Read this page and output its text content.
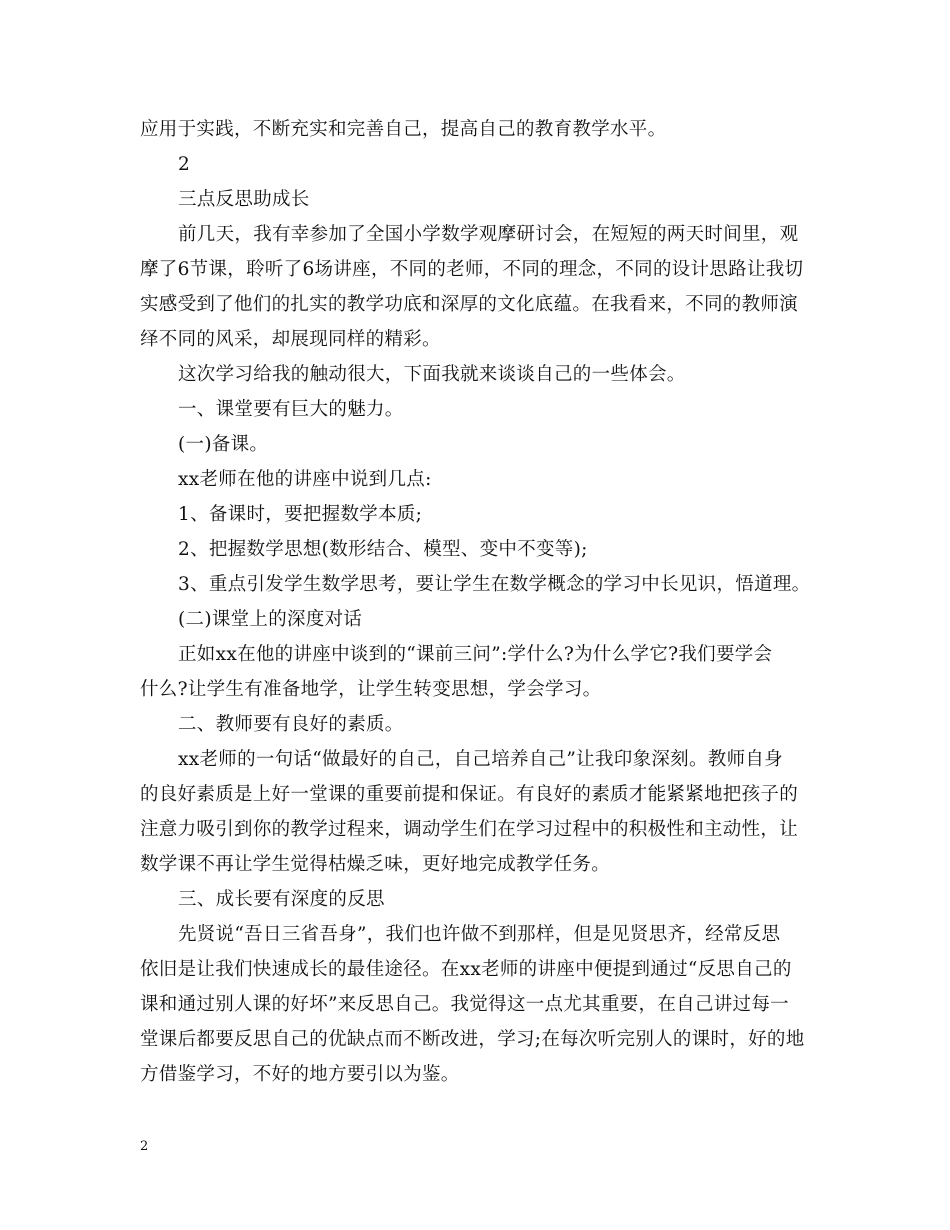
应用于实践，不断充实和完善自己，提高自己的教育教学水平。

2

三点反思助成长

前几天，我有幸参加了全国小学数学观摩研讨会，在短短的两天时间里，观

摩了6节课，聆听了6场讲座，不同的老师，不同的理念，不同的设计思路让我切

实感受到了他们的扎实的教学功底和深厚的文化底蕴。在我看来，不同的教师演

绎不同的风采，却展现同样的精彩。

这次学习给我的触动很大，下面我就来谈谈自己的一些体会。

一、课堂要有巨大的魅力。

(一)备课。

xx老师在他的讲座中说到几点:

1、备课时，要把握数学本质;

2、把握数学思想(数形结合、模型、变中不变等);

3、重点引发学生数学思考，要让学生在数学概念的学习中长见识，悟道理。

(二)课堂上的深度对话

正如xx在他的讲座中谈到的“课前三问”:学什么?为什么学它?我们要学会

什么?让学生有准备地学，让学生转变思想，学会学习。

二、教师要有良好的素质。

xx老师的一句话“做最好的自己，自己培养自己”让我印象深刻。教师自身

的良好素质是上好一堂课的重要前提和保证。有良好的素质才能紧紧地把孩子的

注意力吸引到你的教学过程来，调动学生们在学习过程中的积极性和主动性，让

数学课不再让学生觉得枯燥乏味，更好地完成教学任务。

三、成长要有深度的反思

先贤说“吾日三省吾身”，我们也许做不到那样，但是见贤思齐，经常反思

依旧是让我们快速成长的最佳途径。在xx老师的讲座中便提到通过“反思自己的

课和通过别人课的好坏”来反思自己。我觉得这一点尤其重要，在自己讲过每一

堂课后都要反思自己的优缺点而不断改进，学习;在每次听完别人的课时，好的地

方借鉴学习，不好的地方要引以为鉴。

2
